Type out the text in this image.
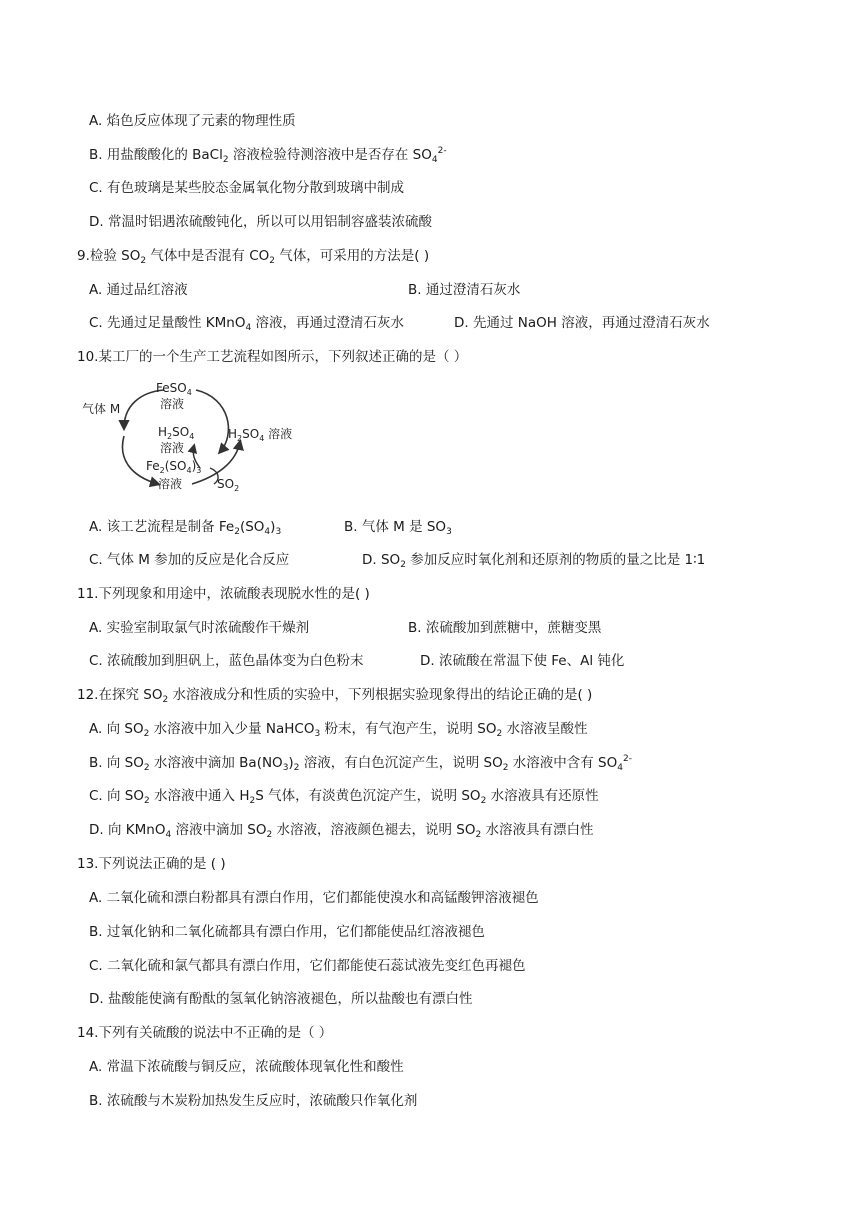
A. 焰色反应体现了元素的物理性质
B. 用盐酸酸化的 BaCl$_2$ 溶液检验待测溶液中是否存在 $SO_4^{2-}$
C. 有色玻璃是某些胶态金属氧化物分散到玻璃中制成
D. 常温时铝遇浓硫酸钝化，所以可以用铝制容盛装浓硫酸
9.检验 $SO_2$ 气体中是否混有 $CO_2$ 气体，可采用的方法是( )
A. 通过品红溶液	B. 通过澄清石灰水
C. 先通过足量酸性 KMnO$_4$ 溶液，再通过澄清石灰水	D. 先通过 NaOH 溶液，再通过澄清石灰水
10.某工厂的一个生产工艺流程如图所示，下列叙述正确的是（ ）
气体 M
FeSO$_4$
溶液
$H_2SO_4$
溶液
$H_2SO_4$ 溶液
$Fe_2(SO_4)_3$
溶液	$SO_2$
A. 该工艺流程是制备 $Fe_2(SO_4)_3$	B. 气体 M 是 $SO_3$
C. 气体 M 参加的反应是化合反应	D. $SO_2$ 参加反应时氧化剂和还原剂的物质的量之比是 1∶1
11.下列现象和用途中，浓硫酸表现脱水性的是( )
A. 实验室制取氯气时浓硫酸作干燥剂	B. 浓硫酸加到蔗糖中，蔗糖变黑
C. 浓硫酸加到胆矾上，蓝色晶体变为白色粉末	D. 浓硫酸在常温下使 Fe、Al 钝化
12.在探究 $SO_2$ 水溶液成分和性质的实验中，下列根据实验现象得出的结论正确的是( )
A. 向 $SO_2$ 水溶液中加入少量 NaHCO$_3$ 粉末，有气泡产生，说明 $SO_2$ 水溶液呈酸性
B. 向 $SO_2$ 水溶液中滴加 $Ba(NO_3)_2$ 溶液，有白色沉淀产生，说明 $SO_2$ 水溶液中含有 $SO_4^{2-}$
C. 向 $SO_2$ 水溶液中通入 $H_2S$ 气体，有淡黄色沉淀产生，说明 $SO_2$ 水溶液具有还原性
D. 向 KMnO$_4$ 溶液中滴加 $SO_2$ 水溶液，溶液颜色褪去，说明 $SO_2$ 水溶液具有漂白性
13.下列说法正确的是 ( )
A. 二氧化硫和漂白粉都具有漂白作用，它们都能使溴水和高锰酸钾溶液褪色
B. 过氧化钠和二氧化硫都具有漂白作用，它们都能使品红溶液褪色
C. 二氧化硫和氯气都具有漂白作用，它们都能使石蕊试液先变红色再褪色
D. 盐酸能使滴有酚酞的氢氧化钠溶液褪色，所以盐酸也有漂白性
14.下列有关硫酸的说法中不正确的是（ ）
A. 常温下浓硫酸与铜反应，浓硫酸体现氧化性和酸性
B. 浓硫酸与木炭粉加热发生反应时，浓硫酸只作氧化剂
